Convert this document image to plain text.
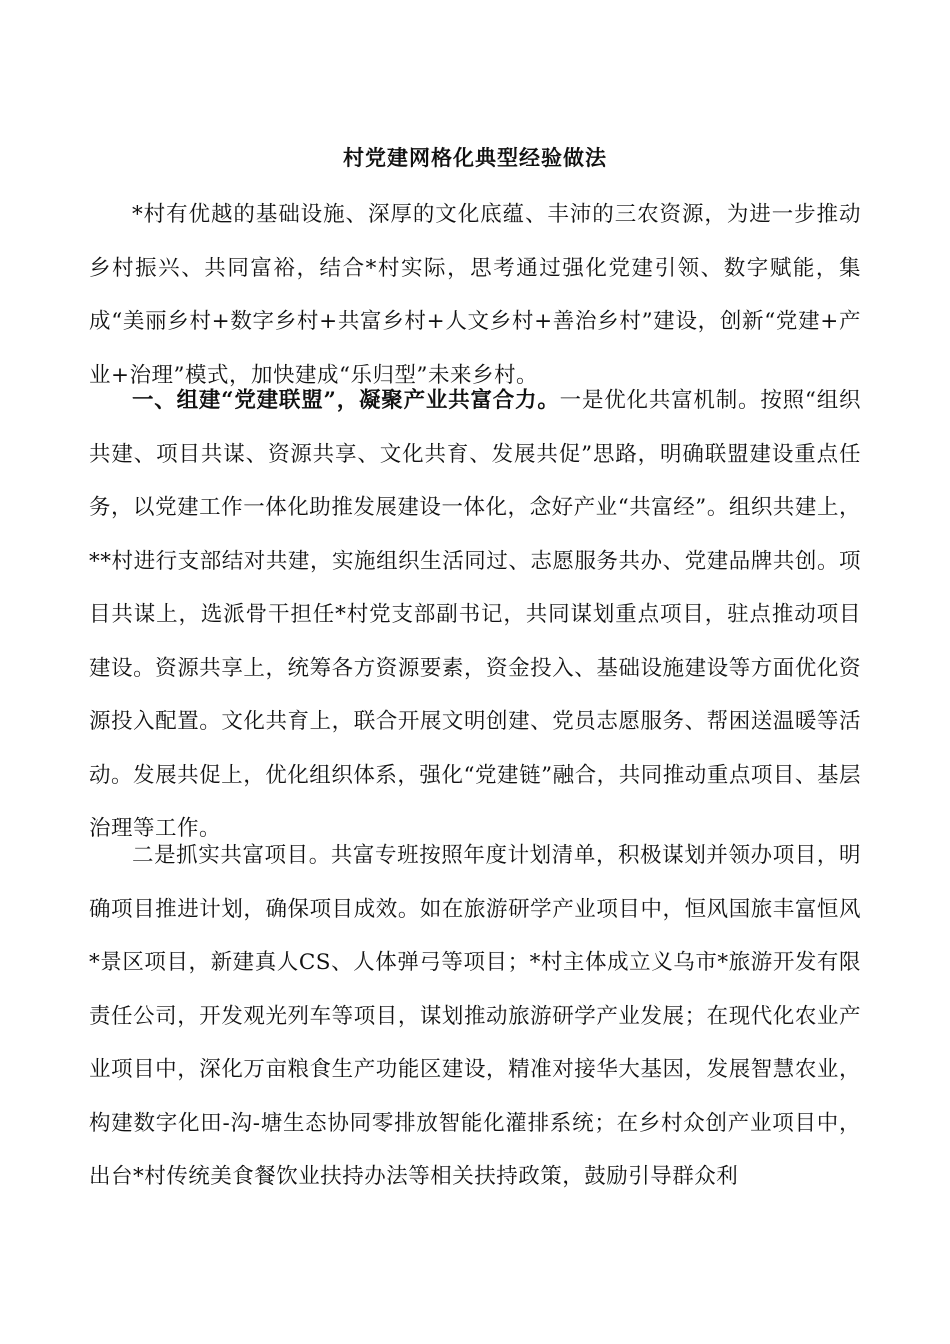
村党建网格化典型经验做法

*村有优越的基础设施、深厚的文化底蕴、丰沛的三农资源，为进一步推动乡村振兴、共同富裕，结合*村实际，思考通过强化党建引领、数字赋能，集成“美丽乡村+数字乡村+共富乡村+人文乡村+善治乡村”建设，创新“党建+产业+治理”模式，加快建成“乐归型”未来乡村。

一、组建“党建联盟”，凝聚产业共富合力。一是优化共富机制。按照“组织共建、项目共谋、资源共享、文化共育、发展共促”思路，明确联盟建设重点任务，以党建工作一体化助推发展建设一体化，念好产业“共富经”。组织共建上，**村进行支部结对共建，实施组织生活同过、志愿服务共办、党建品牌共创。项目共谋上，选派骨干担任*村党支部副书记，共同谋划重点项目，驻点推动项目建设。资源共享上，统筹各方资源要素，资金投入、基础设施建设等方面优化资源投入配置。文化共育上，联合开展文明创建、党员志愿服务、帮困送温暖等活动。发展共促上，优化组织体系，强化“党建链”融合，共同推动重点项目、基层治理等工作。

二是抓实共富项目。共富专班按照年度计划清单，积极谋划并领办项目，明确项目推进计划，确保项目成效。如在旅游研学产业项目中，恒风国旅丰富恒风*景区项目，新建真人CS、人体弹弓等项目；*村主体成立义乌市*旅游开发有限责任公司，开发观光列车等项目，谋划推动旅游研学产业发展；在现代化农业产业项目中，深化万亩粮食生产功能区建设，精准对接华大基因，发展智慧农业，构建数字化田-沟-塘生态协同零排放智能化灌排系统；在乡村众创产业项目中，出台*村传统美食餐饮业扶持办法等相关扶持政策，鼓励引导群众利
